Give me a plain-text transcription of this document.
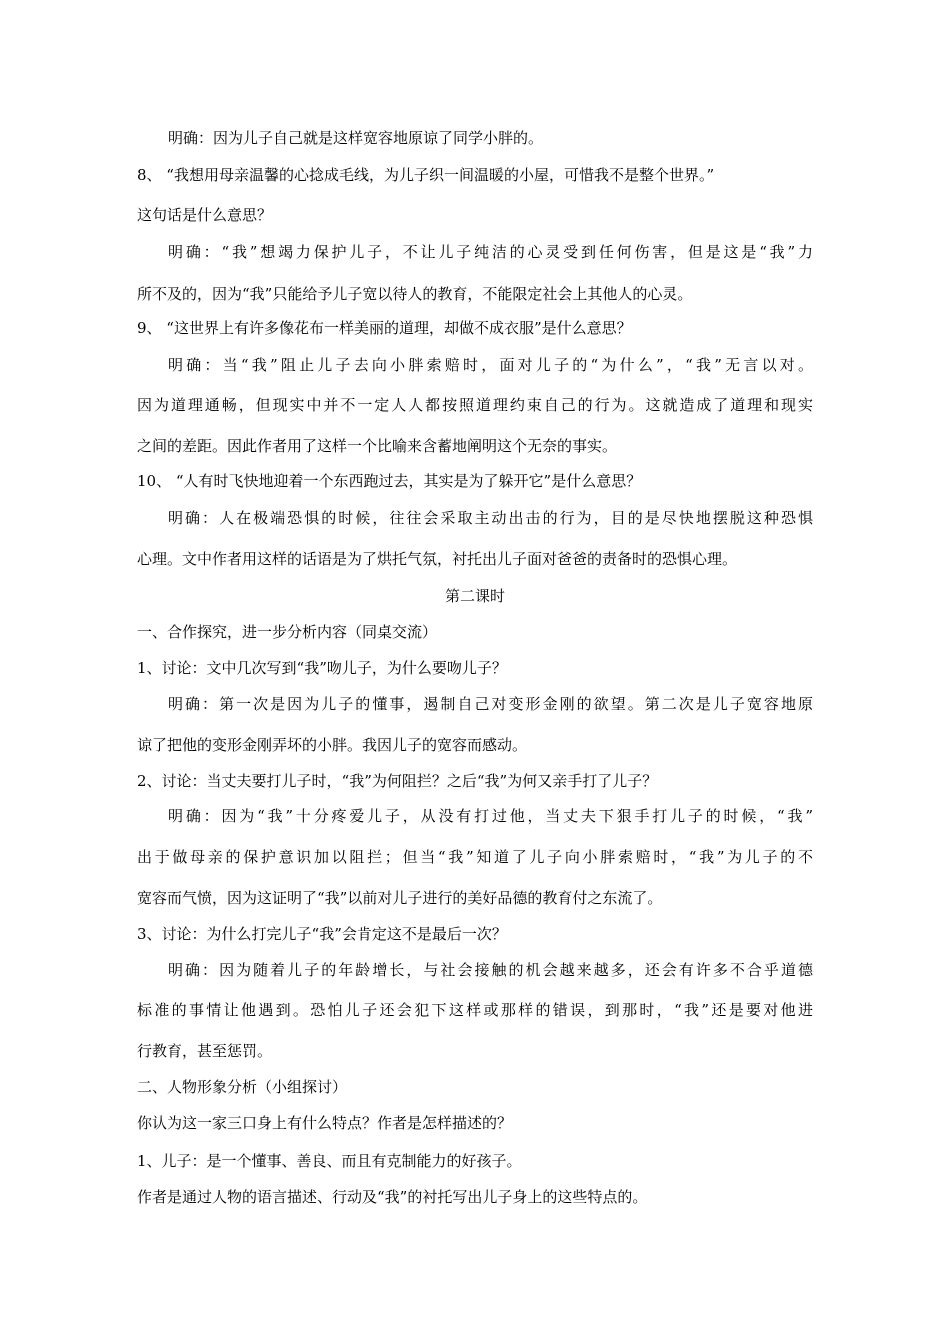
明确：因为儿子自己就是这样宽容地原谅了同学小胖的。
8、 “我想用母亲温馨的心捻成毛线，为儿子织一间温暖的小屋，可惜我不是整个世界。”
这句话是什么意思？
明确：“我”想竭力保护儿子，不让儿子纯洁的心灵受到任何伤害，但是这是“我”力
所不及的，因为“我”只能给予儿子宽以待人的教育，不能限定社会上其他人的心灵。
9、 “这世界上有许多像花布一样美丽的道理，却做不成衣服”是什么意思？
明确：当“我”阻止儿子去向小胖索赔时，面对儿子的“为什么”，“我”无言以对。
因为道理通畅，但现实中并不一定人人都按照道理约束自己的行为。这就造成了道理和现实
之间的差距。因此作者用了这样一个比喻来含蓄地阐明这个无奈的事实。
10、 “人有时飞快地迎着一个东西跑过去，其实是为了躲开它”是什么意思？
明确：人在极端恐惧的时候，往往会采取主动出击的行为，目的是尽快地摆脱这种恐惧
心理。文中作者用这样的话语是为了烘托气氛，衬托出儿子面对爸爸的责备时的恐惧心理。
第二课时
一、合作探究，进一步分析内容（同桌交流）
1、讨论：文中几次写到“我”吻儿子，为什么要吻儿子？
明确：第一次是因为儿子的懂事，遏制自己对变形金刚的欲望。第二次是儿子宽容地原
谅了把他的变形金刚弄坏的小胖。我因儿子的宽容而感动。
2、讨论：当丈夫要打儿子时，“我”为何阻拦？之后“我”为何又亲手打了儿子？
明确：因为“我”十分疼爱儿子，从没有打过他，当丈夫下狠手打儿子的时候，“我”
出于做母亲的保护意识加以阻拦；但当“我”知道了儿子向小胖索赔时，“我”为儿子的不
宽容而气愤，因为这证明了“我”以前对儿子进行的美好品德的教育付之东流了。
3、讨论：为什么打完儿子“我”会肯定这不是最后一次？
明确：因为随着儿子的年龄增长，与社会接触的机会越来越多，还会有许多不合乎道德
标准的事情让他遇到。恐怕儿子还会犯下这样或那样的错误，到那时，“我”还是要对他进
行教育，甚至惩罚。
二、人物形象分析（小组探讨）
你认为这一家三口身上有什么特点？作者是怎样描述的？
1、儿子：是一个懂事、善良、而且有克制能力的好孩子。
作者是通过人物的语言描述、行动及“我”的衬托写出儿子身上的这些特点的。
